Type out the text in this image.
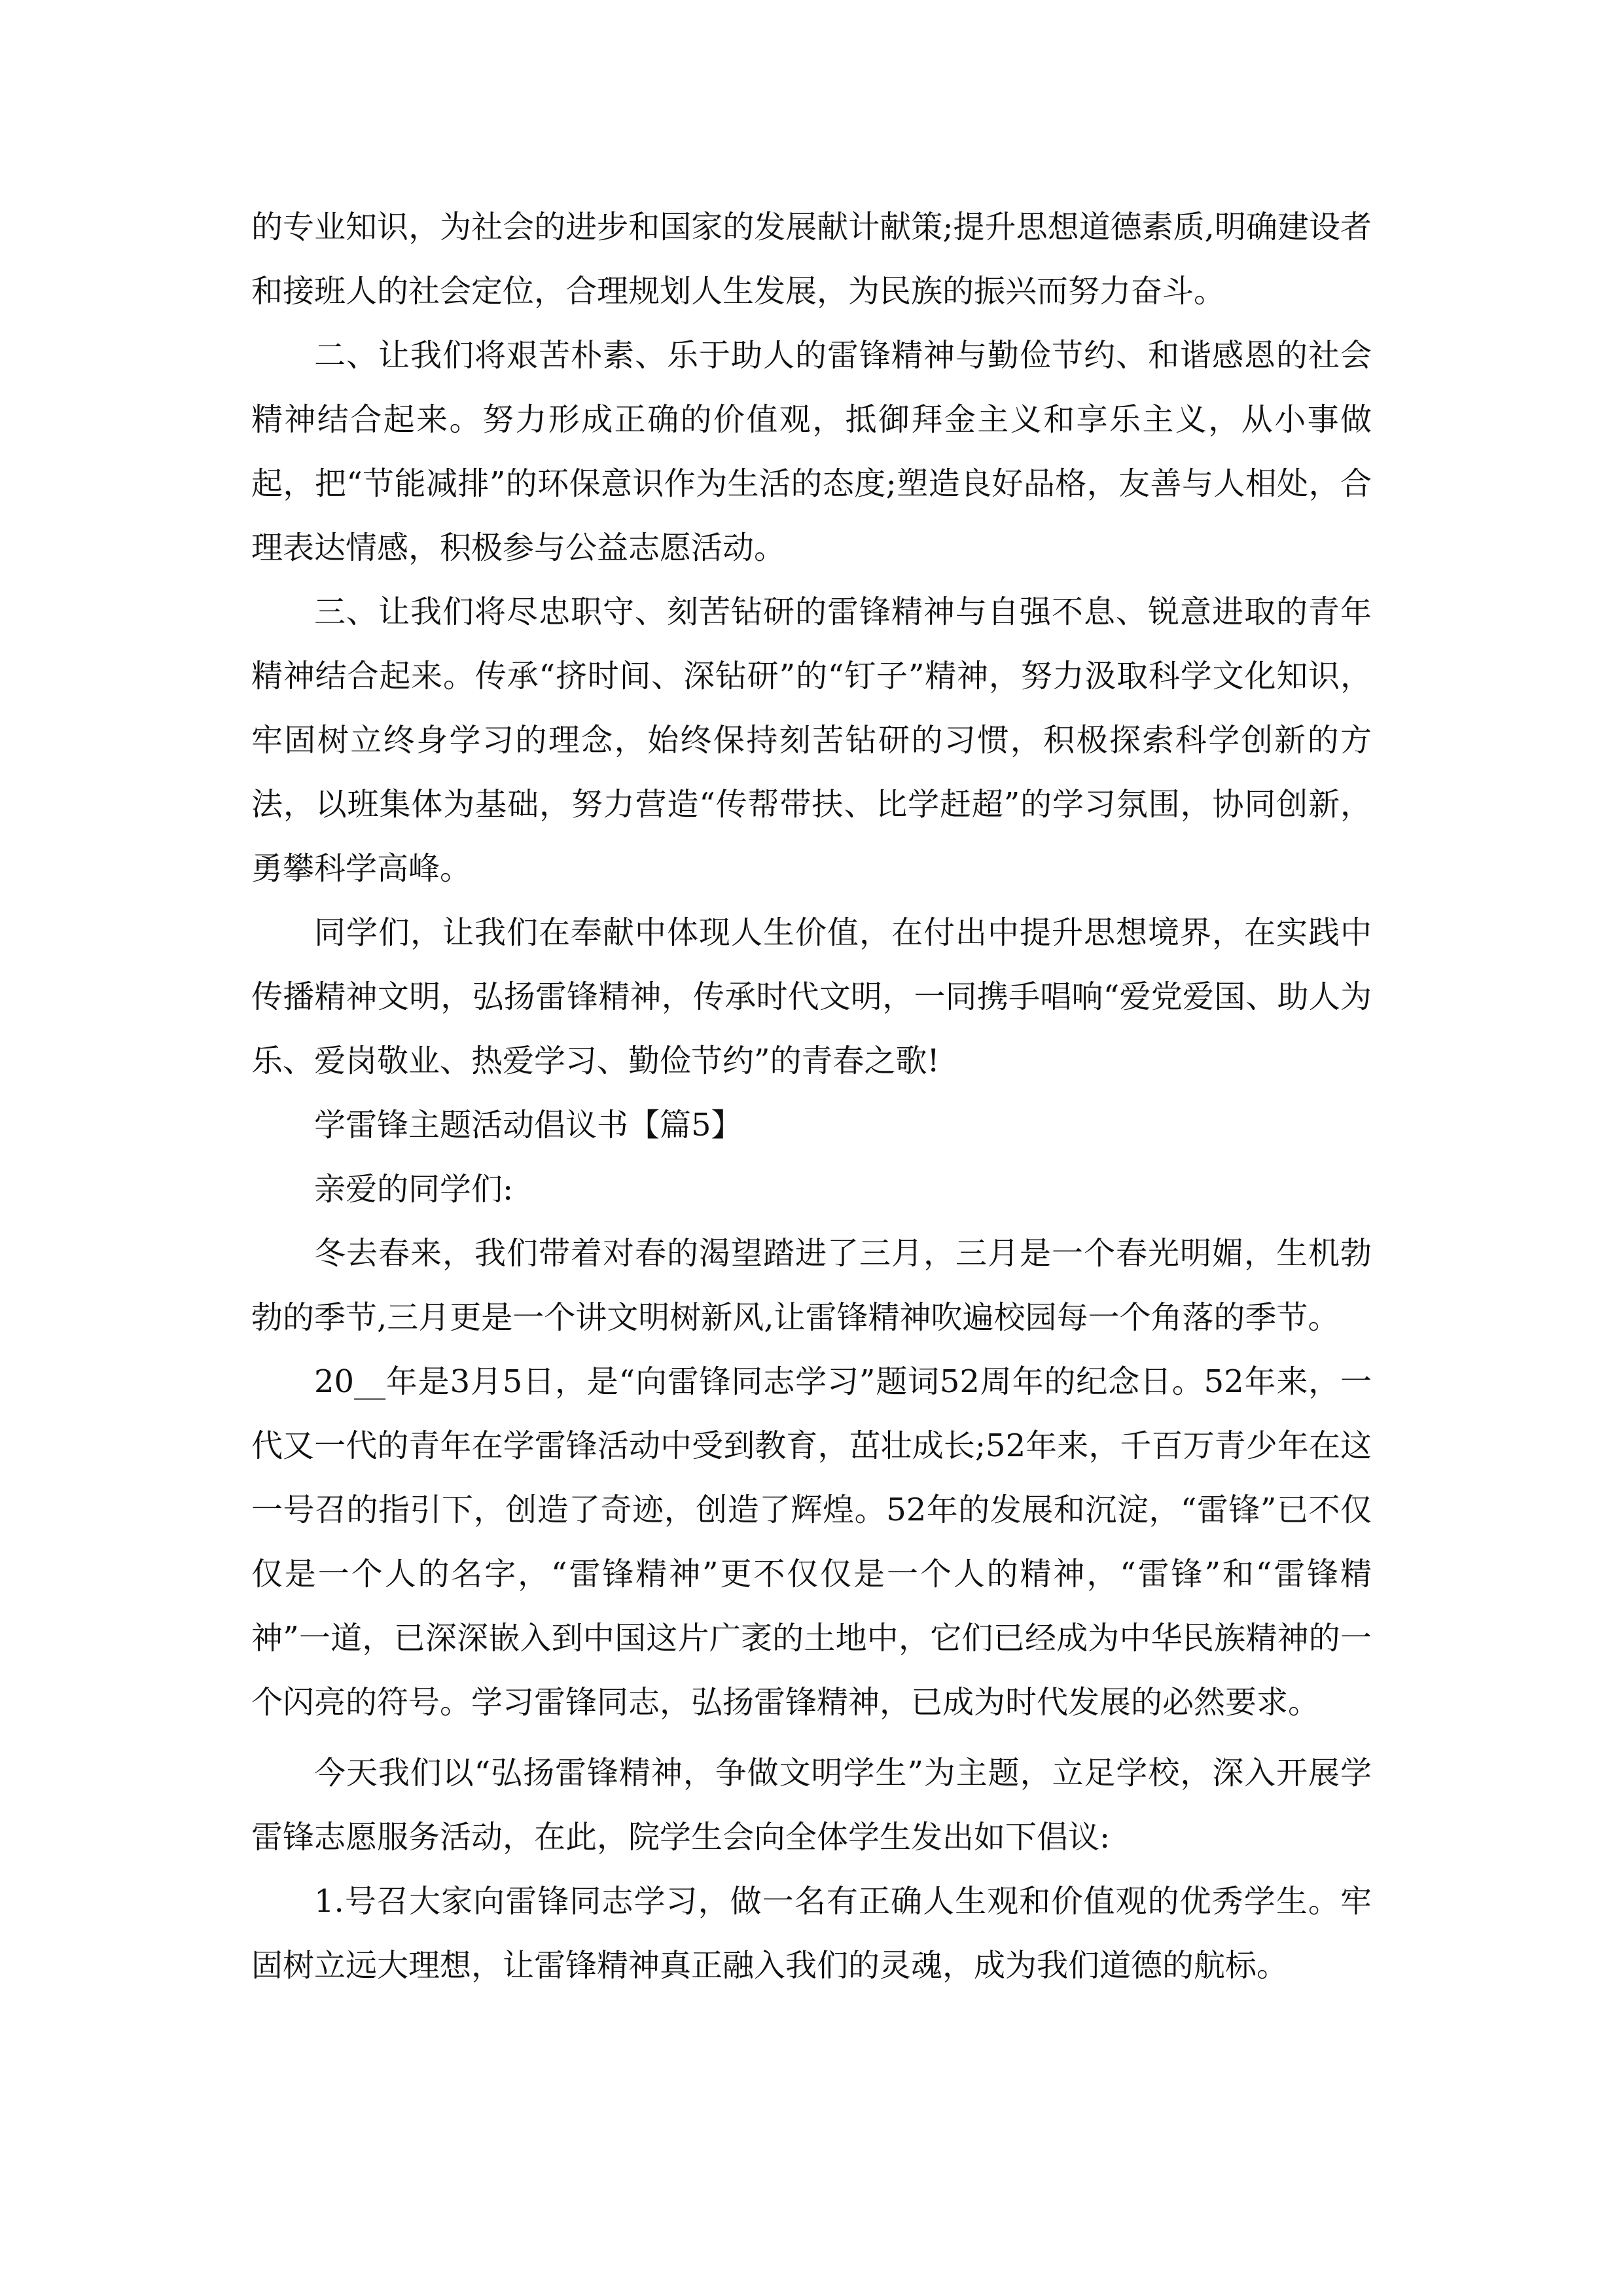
的专业知识，为社会的进步和国家的发展献计献策;提升思想道德素质,明确建设者和接班人的社会定位，合理规划人生发展，为民族的振兴而努力奋斗。

二、让我们将艰苦朴素、乐于助人的雷锋精神与勤俭节约、和谐感恩的社会精神结合起来。努力形成正确的价值观，抵御拜金主义和享乐主义，从小事做起，把“节能减排”的环保意识作为生活的态度;塑造良好品格，友善与人相处，合理表达情感，积极参与公益志愿活动。

三、让我们将尽忠职守、刻苦钻研的雷锋精神与自强不息、锐意进取的青年精神结合起来。传承“挤时间、深钻研”的“钉子”精神，努力汲取科学文化知识，牢固树立终身学习的理念，始终保持刻苦钻研的习惯，积极探索科学创新的方法，以班集体为基础，努力营造“传帮带扶、比学赶超”的学习氛围，协同创新，勇攀科学高峰。

同学们，让我们在奉献中体现人生价值，在付出中提升思想境界，在实践中传播精神文明，弘扬雷锋精神，传承时代文明，一同携手唱响“爱党爱国、助人为乐、爱岗敬业、热爱学习、勤俭节约”的青春之歌!

学雷锋主题活动倡议书【篇5】

亲爱的同学们:

冬去春来，我们带着对春的渴望踏进了三月，三月是一个春光明媚，生机勃勃的季节,三月更是一个讲文明树新风,让雷锋精神吹遍校园每一个角落的季节。

20__年是3月5日，是“向雷锋同志学习”题词52周年的纪念日。52年来，一代又一代的青年在学雷锋活动中受到教育，茁壮成长;52年来，千百万青少年在这一号召的指引下，创造了奇迹，创造了辉煌。52年的发展和沉淀，“雷锋”已不仅仅是一个人的名字，“雷锋精神”更不仅仅是一个人的精神，“雷锋”和“雷锋精神”一道，已深深嵌入到中国这片广袤的土地中，它们已经成为中华民族精神的一个闪亮的符号。学习雷锋同志，弘扬雷锋精神，已成为时代发展的必然要求。

今天我们以“弘扬雷锋精神，争做文明学生”为主题，立足学校，深入开展学雷锋志愿服务活动，在此，院学生会向全体学生发出如下倡议:

1.号召大家向雷锋同志学习，做一名有正确人生观和价值观的优秀学生。牢固树立远大理想，让雷锋精神真正融入我们的灵魂，成为我们道德的航标。
